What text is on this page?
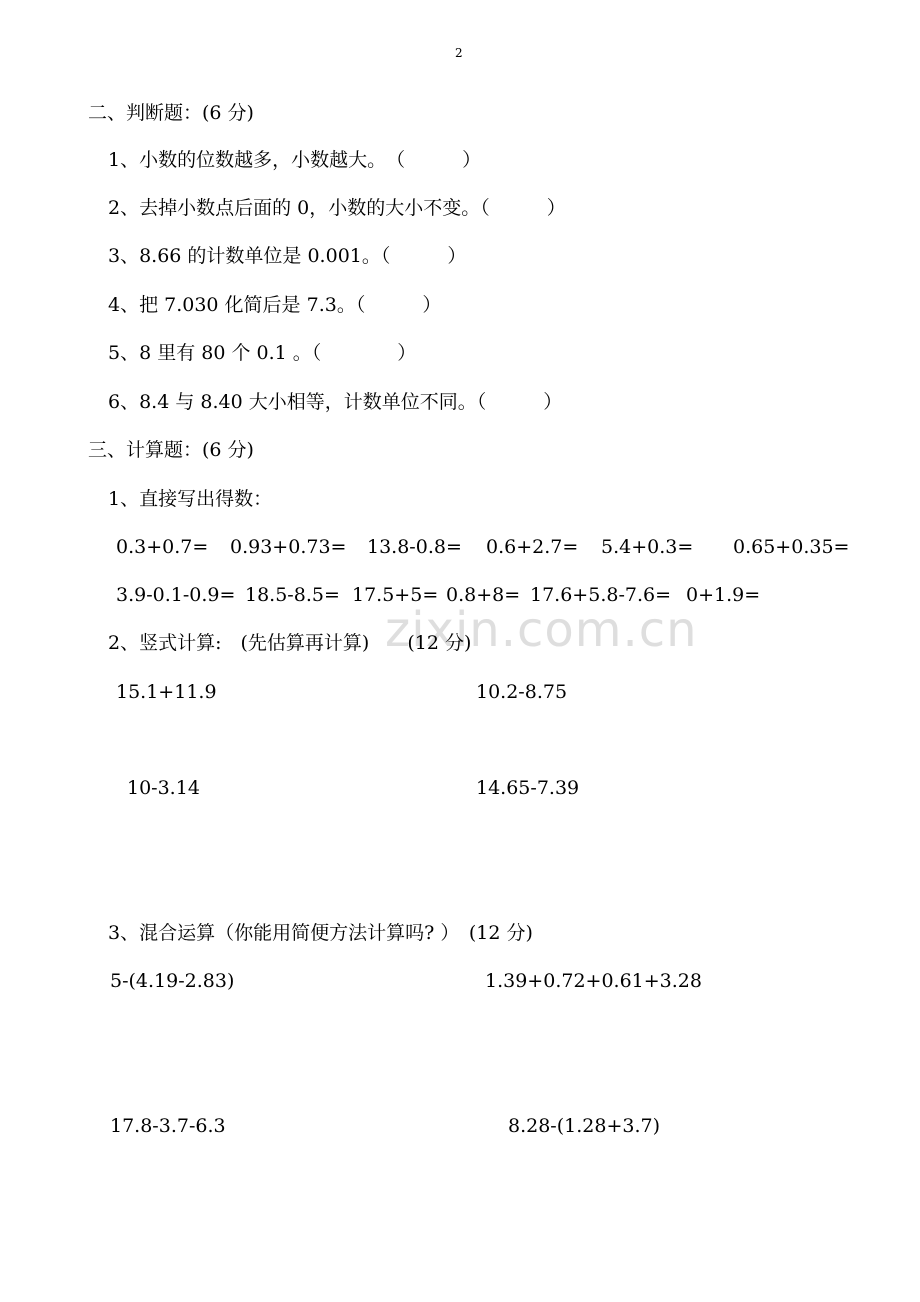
2
zixin.com.cn
二、判断题：(6 分)
1、小数的位数越多，小数越大。　（　　　）
2、去掉小数点后面的 0，小数的大小不变。（　　　）
3、8.66 的计数单位是 0.001。（　　　）
4、把 7.030 化简后是 7.3。（　　　）
5、8 里有 80 个 0.1 。（　　　　）
6、8.4 与 8.40 大小相等，计数单位不同。（　　　）
三、计算题：(6 分)
1、直接写出得数：
0.3+0.7= 0.93+0.73= 13.8-0.8= 0.6+2.7= 5.4+0.3= 0.65+0.35=
3.9-0.1-0.9= 18.5-8.5= 17.5+5= 0.8+8= 17.6+5.8-7.6= 0+1.9=
2、竖式计算:　(先估算再计算)　　(12 分)
15.1+11.9	10.2-8.75
10-3.14	14.65-7.39
3、混合运算（你能用简便方法计算吗? ）　(12 分)
5-(4.19-2.83)	1.39+0.72+0.61+3.28
17.8-3.7-6.3	8.28-(1.28+3.7)
